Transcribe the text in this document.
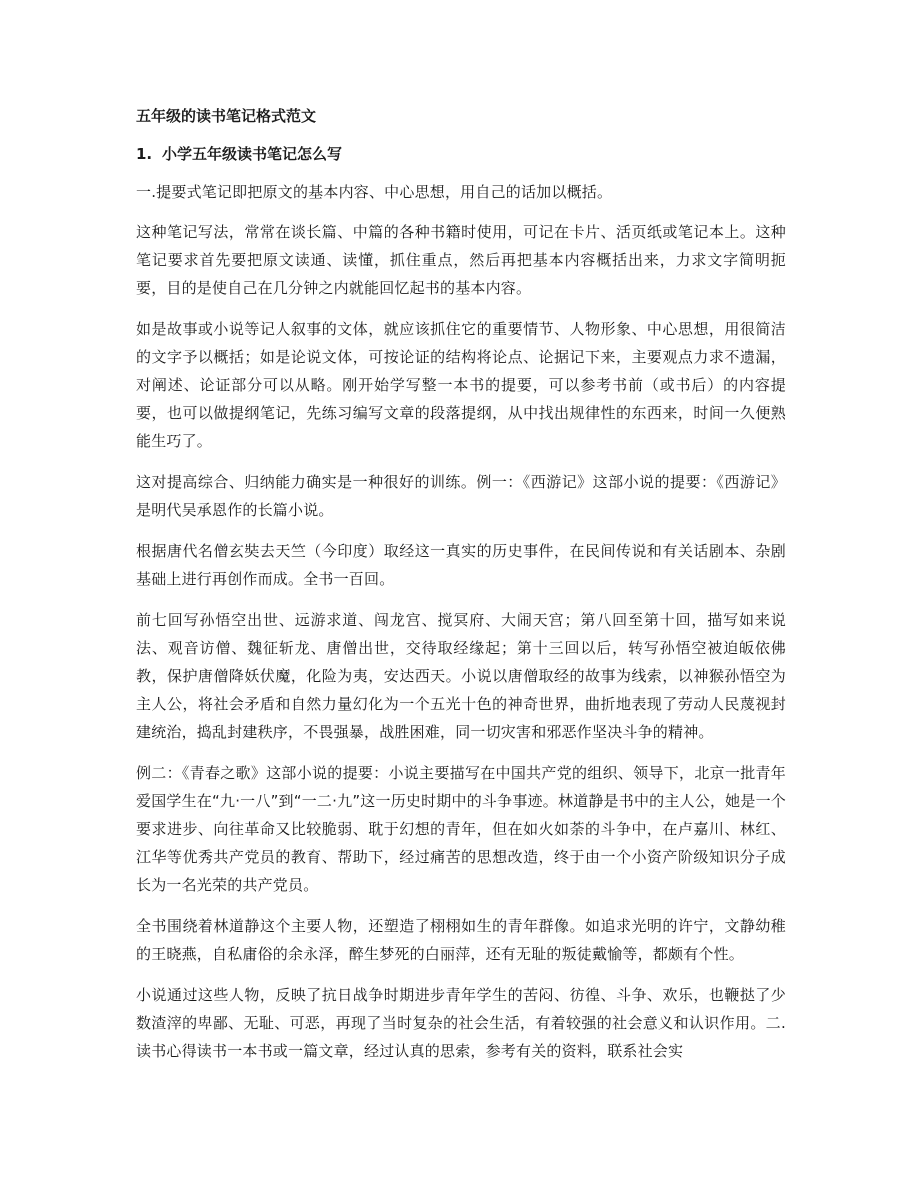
五年级的读书笔记格式范文
1. 小学五年级读书笔记怎么写

一.提要式笔记即把原文的基本内容、中心思想，用自己的话加以概括。

这种笔记写法，常常在谈长篇、中篇的各种书籍时使用，可记在卡片、活页纸或笔记本上。这种笔记要求首先要把原文读通、读懂，抓住重点，然后再把基本内容概括出来，力求文字简明扼要，目的是使自己在几分钟之内就能回忆起书的基本内容。

如是故事或小说等记人叙事的文体，就应该抓住它的重要情节、人物形象、中心思想，用很简洁的文字予以概括；如是论说文体，可按论证的结构将论点、论据记下来，主要观点力求不遗漏，对阐述、论证部分可以从略。刚开始学写整一本书的提要，可以参考书前（或书后）的内容提要，也可以做提纲笔记，先练习编写文章的段落提纲，从中找出规律性的东西来，时间一久便熟能生巧了。

这对提高综合、归纳能力确实是一种很好的训练。例一：《西游记》这部小说的提要：《西游记》是明代吴承恩作的长篇小说。

根据唐代名僧玄奘去天竺（今印度）取经这一真实的历史事件，在民间传说和有关话剧本、杂剧基础上进行再创作而成。全书一百回。

前七回写孙悟空出世、远游求道、闯龙宫、搅冥府、大闹天宫；第八回至第十回，描写如来说法、观音访僧、魏征斩龙、唐僧出世，交待取经缘起；第十三回以后，转写孙悟空被迫皈依佛教，保护唐僧降妖伏魔，化险为夷，安达西天。小说以唐僧取经的故事为线索，以神猴孙悟空为主人公，将社会矛盾和自然力量幻化为一个五光十色的神奇世界，曲折地表现了劳动人民蔑视封建统治，捣乱封建秩序，不畏强暴，战胜困难，同一切灾害和邪恶作坚决斗争的精神。

例二：《青春之歌》这部小说的提要：小说主要描写在中国共产党的组织、领导下，北京一批青年爱国学生在“九·一八”到“一二·九”这一历史时期中的斗争事迹。林道静是书中的主人公，她是一个要求进步、向往革命又比较脆弱、耽于幻想的青年，但在如火如荼的斗争中，在卢嘉川、林红、江华等优秀共产党员的教育、帮助下，经过痛苦的思想改造，终于由一个小资产阶级知识分子成长为一名光荣的共产党员。

全书围绕着林道静这个主要人物，还塑造了栩栩如生的青年群像。如追求光明的许宁，文静幼稚的王晓燕，自私庸俗的余永泽，醉生梦死的白丽萍，还有无耻的叛徒戴愉等，都颇有个性。

小说通过这些人物，反映了抗日战争时期进步青年学生的苦闷、彷徨、斗争、欢乐，也鞭挞了少数渣滓的卑鄙、无耻、可恶，再现了当时复杂的社会生活，有着较强的社会意义和认识作用。二.读书心得读书一本书或一篇文章，经过认真的思索，参考有关的资料，联系社会实
